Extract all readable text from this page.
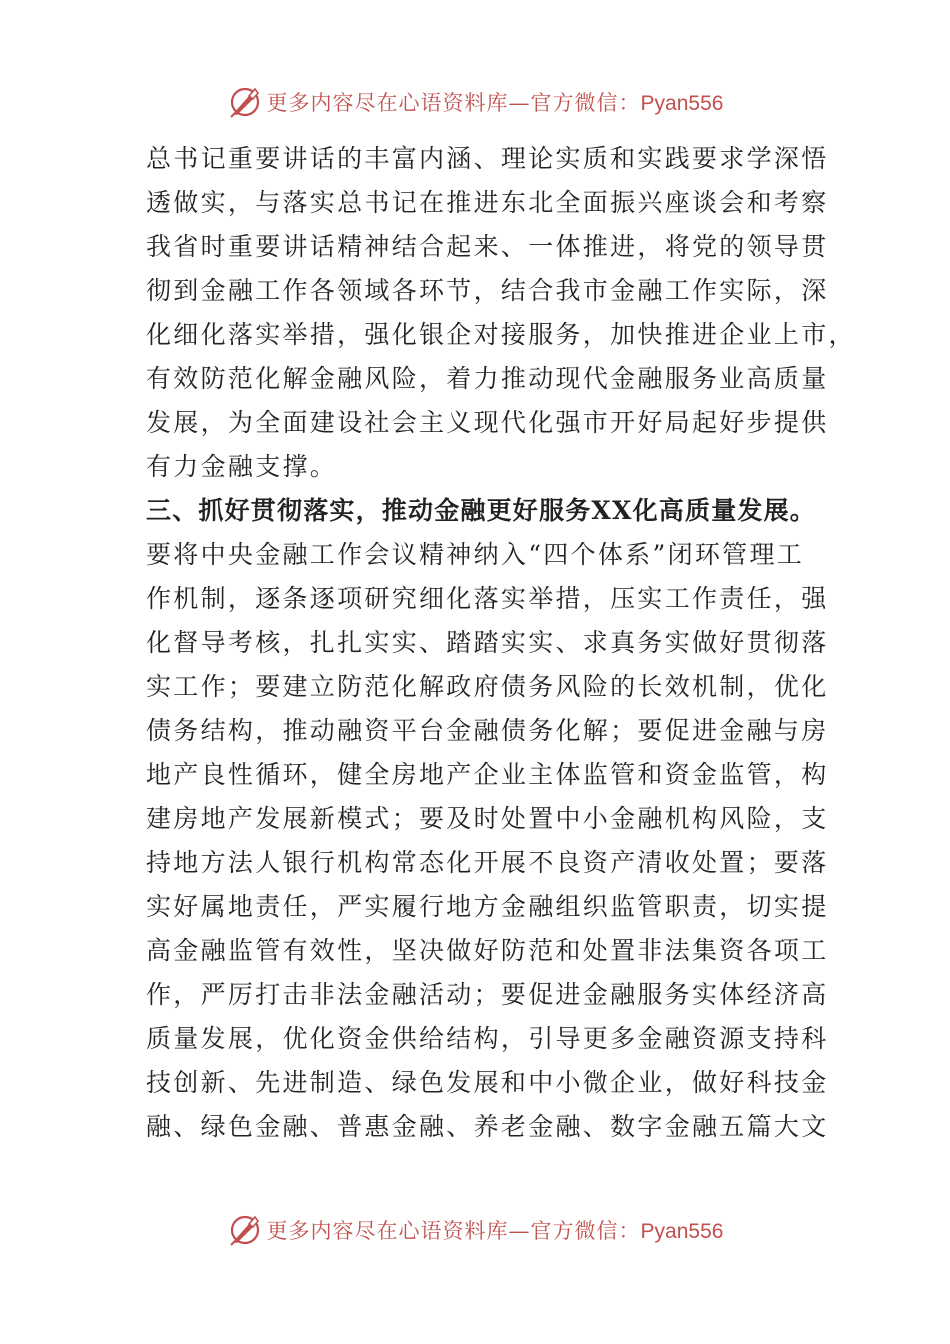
更多内容尽在心语资料库—官方微信：Pyan556
总书记重要讲话的丰富内涵、理论实质和实践要求学深悟
透做实，与落实总书记在推进东北全面振兴座谈会和考察
我省时重要讲话精神结合起来、一体推进，将党的领导贯
彻到金融工作各领域各环节，结合我市金融工作实际，深
化细化落实举措，强化银企对接服务，加快推进企业上市，
有效防范化解金融风险，着力推动现代金融服务业高质量
发展，为全面建设社会主义现代化强市开好局起好步提供
有力金融支撑。
三、抓好贯彻落实，推动金融更好服务XX化高质量发展。
要将中央金融工作会议精神纳入“四个体系”闭环管理工
作机制，逐条逐项研究细化落实举措，压实工作责任，强
化督导考核，扎扎实实、踏踏实实、求真务实做好贯彻落
实工作；要建立防范化解政府债务风险的长效机制，优化
债务结构，推动融资平台金融债务化解；要促进金融与房
地产良性循环，健全房地产企业主体监管和资金监管，构
建房地产发展新模式；要及时处置中小金融机构风险，支
持地方法人银行机构常态化开展不良资产清收处置；要落
实好属地责任，严实履行地方金融组织监管职责，切实提
高金融监管有效性，坚决做好防范和处置非法集资各项工
作，严厉打击非法金融活动；要促进金融服务实体经济高
质量发展，优化资金供给结构，引导更多金融资源支持科
技创新、先进制造、绿色发展和中小微企业，做好科技金
融、绿色金融、普惠金融、养老金融、数字金融五篇大文
更多内容尽在心语资料库—官方微信：Pyan556
